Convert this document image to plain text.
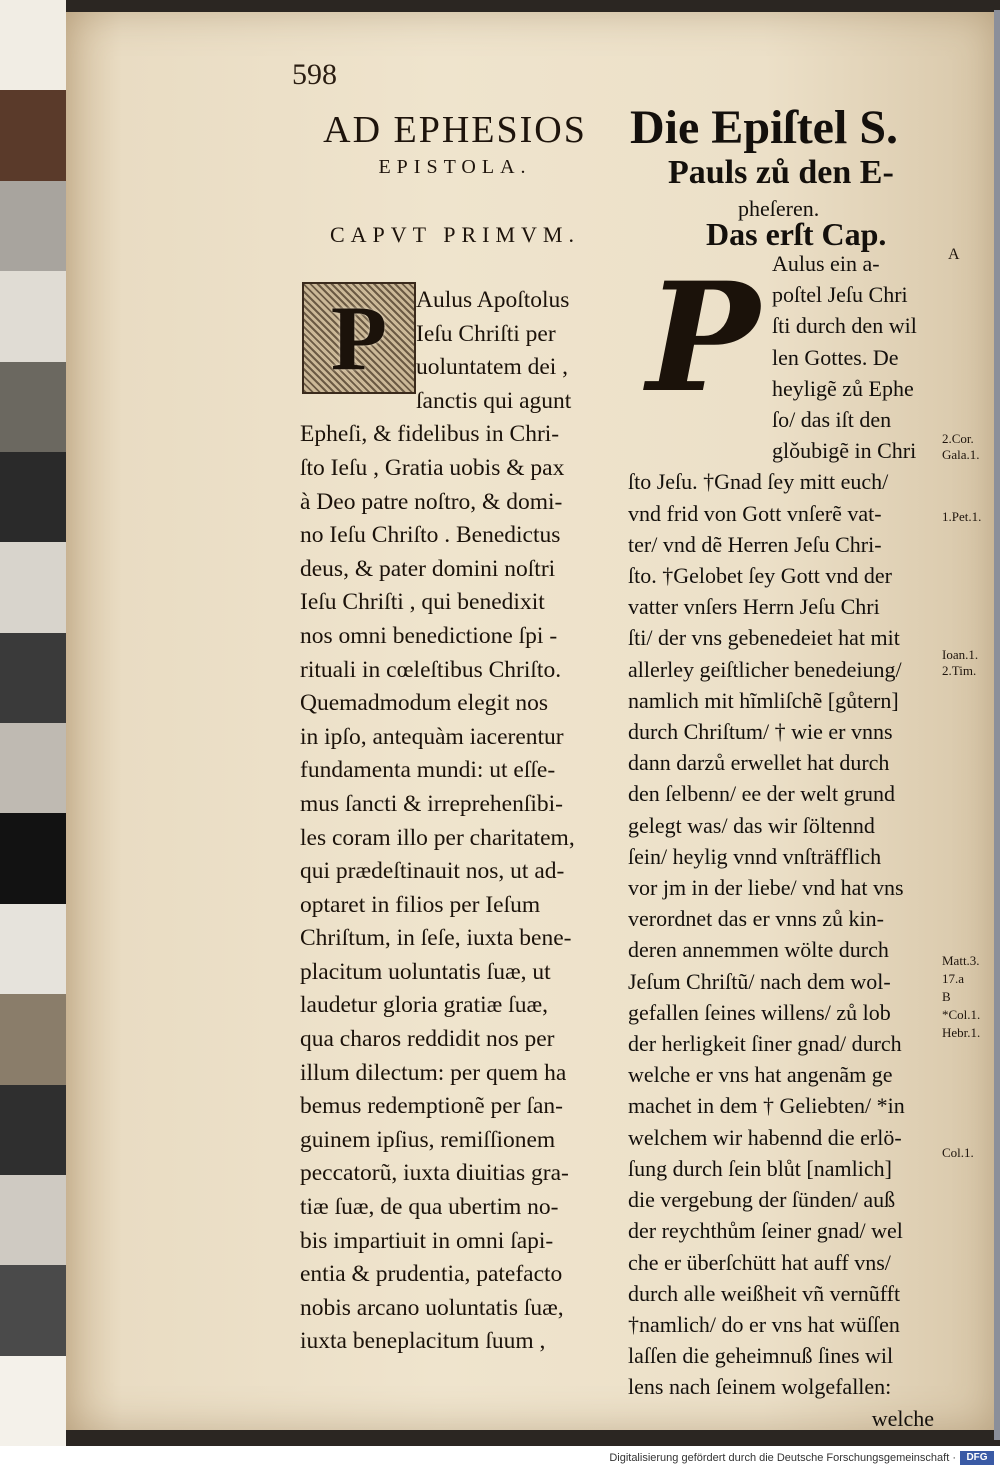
598
AD EPHESIOS
EPISTOLA.
CAPVT PRIMVM.
P	Aulus Apoſtolus
Ieſu Chriſti per
uoluntatem dei ,
ſanctis qui agunt
Epheſi, & fidelibus in Chri-
ſto Ieſu , Gratia uobis & pax
à Deo patre noſtro, & domi-
no Ieſu Chriſto . Benedictus
deus, & pater domini noſtri
Ieſu Chriſti , qui benedixit
nos omni benedictione ſpi -
rituali in cœleſtibus Chriſto.
Quemadmodum elegit nos
in ipſo, antequàm iacerentur
fundamenta mundi: ut eſſe-
mus ſancti & irreprehenſibi-
les coram illo per charitatem,
qui prædeſtinauit nos, ut ad-
optaret in filios per Ieſum
Chriſtum, in ſeſe, iuxta bene-
placitum uoluntatis ſuæ, ut
laudetur gloria gratiæ ſuæ,
qua charos reddidit nos per
illum dilectum: per quem ha
bemus redemptionẽ per ſan-
guinem ipſius, remiſſionem
peccatorũ, iuxta diuitias gra-
tiæ ſuæ, de qua ubertim no-
bis impartiuit in omni ſapi-
entia & prudentia, patefacto
nobis arcano uoluntatis ſuæ,
iuxta beneplacitum ſuum ,
Die Epiſtel S.
Pauls zů den E-
pheſeren.
Das erſt Cap.
P Aulus ein a-
poſtel Jeſu Chri
ſti durch den wil
len Gottes. De
heyligẽ zů Ephe
ſo/ das iſt den
glǒubigẽ in Chri
ſto Jeſu. †Gnad ſey mitt euch/
vnd frid von Gott vnſerẽ vat-
ter/ vnd dẽ Herren Jeſu Chri-
ſto. †Gelobet ſey Gott vnd der
vatter vnſers Herrn Jeſu Chri
ſti/ der vns gebenedeiet hat mit
allerley geiſtlicher benedeiung/
namlich mit hĩmliſchẽ [gůtern]
durch Chriſtum/ † wie er vnns
dann darzů erwellet hat durch
den ſelbenn/ ee der welt grund
gelegt was/ das wir ſöltennd
ſein/ heylig vnnd vnſträfflich
vor jm in der liebe/ vnd hat vns
verordnet das er vnns zů kin-
deren annemmen wölte durch
Jeſum Chriſtũ/ nach dem wol-
gefallen ſeines willens/ zů lob
der herligkeit ſiner gnad/ durch
welche er vns hat angenãm ge
machet in dem † Geliebten/ *in
welchem wir habennd die erlö-
ſung durch ſein blůt [namlich]
die vergebung der ſünden/ auß
der reychthům ſeiner gnad/ wel
che er überſchütt hat auff vns/
durch alle weißheit vñ vernũfft
†namlich/ do er vns hat wüſſen
laſſen die geheimnuß ſines wil
lens nach ſeinem wolgefallen:
welche
A
2.Cor.
Gala.1.
1.Pet.1.
Ioan.1.
2.Tim.
Matt.3.
17.a
B
*Col.1.
Hebr.1.
Col.1.
Digitalisierung gefördert durch die Deutsche Forschungsgemeinschaft ·	DFG
